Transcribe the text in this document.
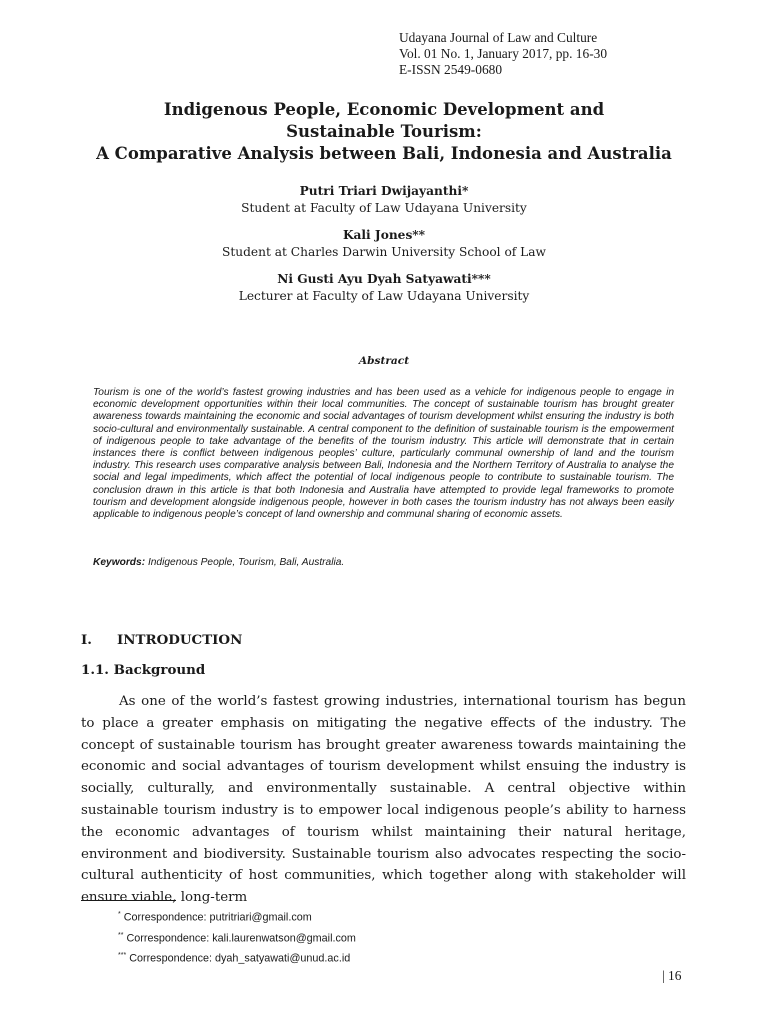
Udayana Journal of Law and Culture
Vol. 01 No. 1, January 2017, pp. 16-30
E-ISSN 2549-0680
Indigenous People, Economic Development and
Sustainable Tourism:
A Comparative Analysis between Bali, Indonesia and Australia
Putri Triari Dwijayanthi*
Student at Faculty of Law Udayana University
Kali Jones**
Student at Charles Darwin University School of Law
Ni Gusti Ayu Dyah Satyawati***
Lecturer at Faculty of Law Udayana University
Abstract
Tourism is one of the world’s fastest growing industries and has been used as a vehicle for indigenous people to engage in economic development opportunities within their local communities. The concept of sustainable tourism has brought greater awareness towards maintaining the economic and social advantages of tourism development whilst ensuring the industry is both socio-cultural and environmentally sustainable. A central component to the definition of sustainable tourism is the empowerment of indigenous people to take advantage of the benefits of the tourism industry. This article will demonstrate that in certain instances there is conflict between indigenous peoples’ culture, particularly communal ownership of land and the tourism industry. This research uses comparative analysis between Bali, Indonesia and the Northern Territory of Australia to analyse the social and legal impediments, which affect the potential of local indigenous people to contribute to sustainable tourism. The conclusion drawn in this article is that both Indonesia and Australia have attempted to provide legal frameworks to promote tourism and development alongside indigenous people, however in both cases the tourism industry has not always been easily applicable to indigenous people’s concept of land ownership and communal sharing of economic assets.
Keywords: Indigenous People, Tourism, Bali, Australia.
I. INTRODUCTION
1.1. Background
As one of the world’s fastest growing industries, international tourism has begun to place a greater emphasis on mitigating the negative effects of the industry. The concept of sustainable tourism has brought greater awareness towards maintaining the economic and social advantages of tourism development whilst ensuing the industry is socially, culturally, and environmentally sustainable. A central objective within sustainable tourism industry is to empower local indigenous people’s ability to harness the economic advantages of tourism whilst maintaining their natural heritage, environment and biodiversity. Sustainable tourism also advocates respecting the socio-cultural authenticity of host communities, which together along with stakeholder will ensure viable, long-term
* Correspondence: putritriari@gmail.com
** Correspondence: kali.laurenwatson@gmail.com
*** Correspondence: dyah_satyawati@unud.ac.id
| 16
